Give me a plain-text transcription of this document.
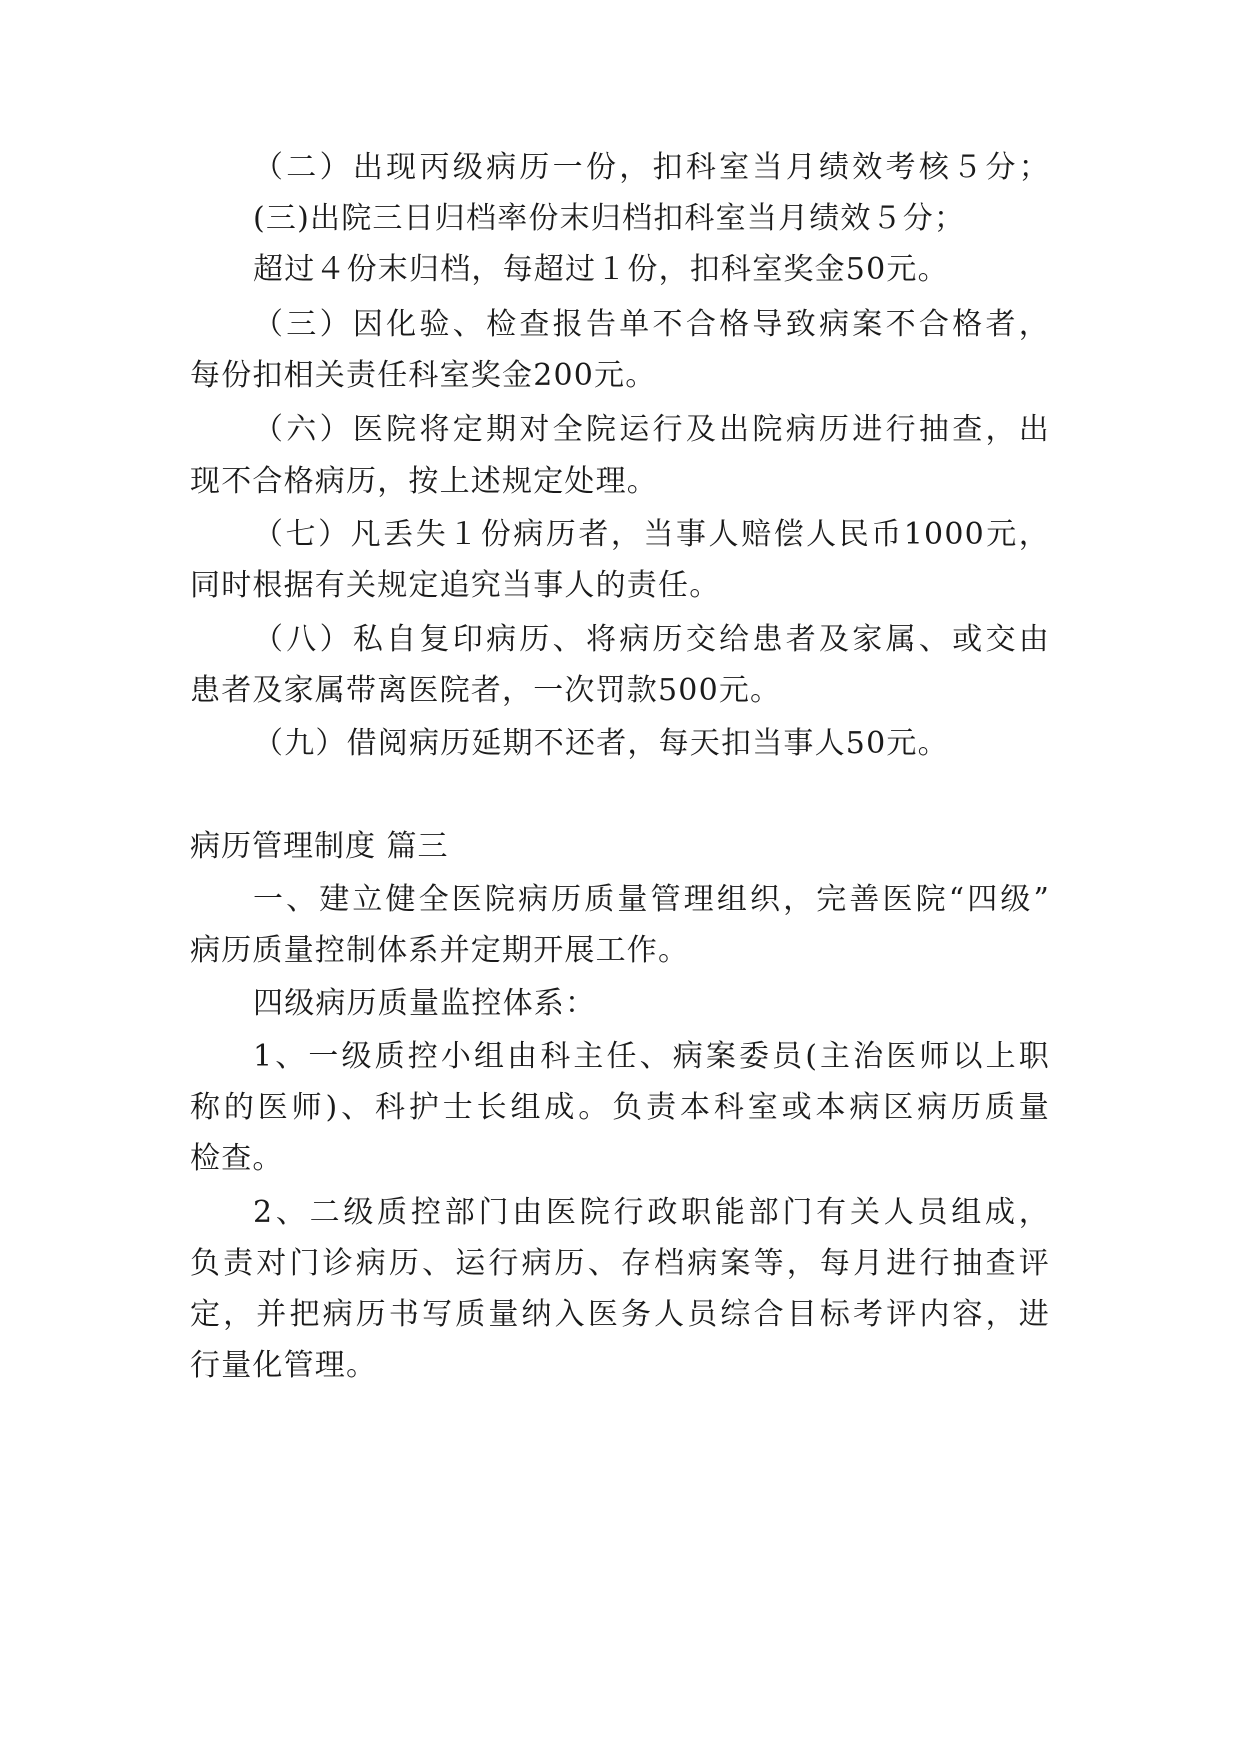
（二）出现丙级病历一份，扣科室当月绩效考核５分；

(三)出院三日归档率份末归档扣科室当月绩效５分；

超过４份末归档，每超过１份，扣科室奖金50元。

（三）因化验、检查报告单不合格导致病案不合格者，

每份扣相关责任科室奖金200元。

（六）医院将定期对全院运行及出院病历进行抽查，出

现不合格病历，按上述规定处理。

（七）凡丢失１份病历者，当事人赔偿人民币1000元，

同时根据有关规定追究当事人的责任。

（八）私自复印病历、将病历交给患者及家属、或交由

患者及家属带离医院者，一次罚款500元。

（九）借阅病历延期不还者，每天扣当事人50元。

病历管理制度 篇三

一、建立健全医院病历质量管理组织，完善医院“四级”

病历质量控制体系并定期开展工作。

四级病历质量监控体系：

1、一级质控小组由科主任、病案委员(主治医师以上职

称的医师)、科护士长组成。负责本科室或本病区病历质量

检查。

2、二级质控部门由医院行政职能部门有关人员组成，

负责对门诊病历、运行病历、存档病案等，每月进行抽查评

定，并把病历书写质量纳入医务人员综合目标考评内容，进

行量化管理。
